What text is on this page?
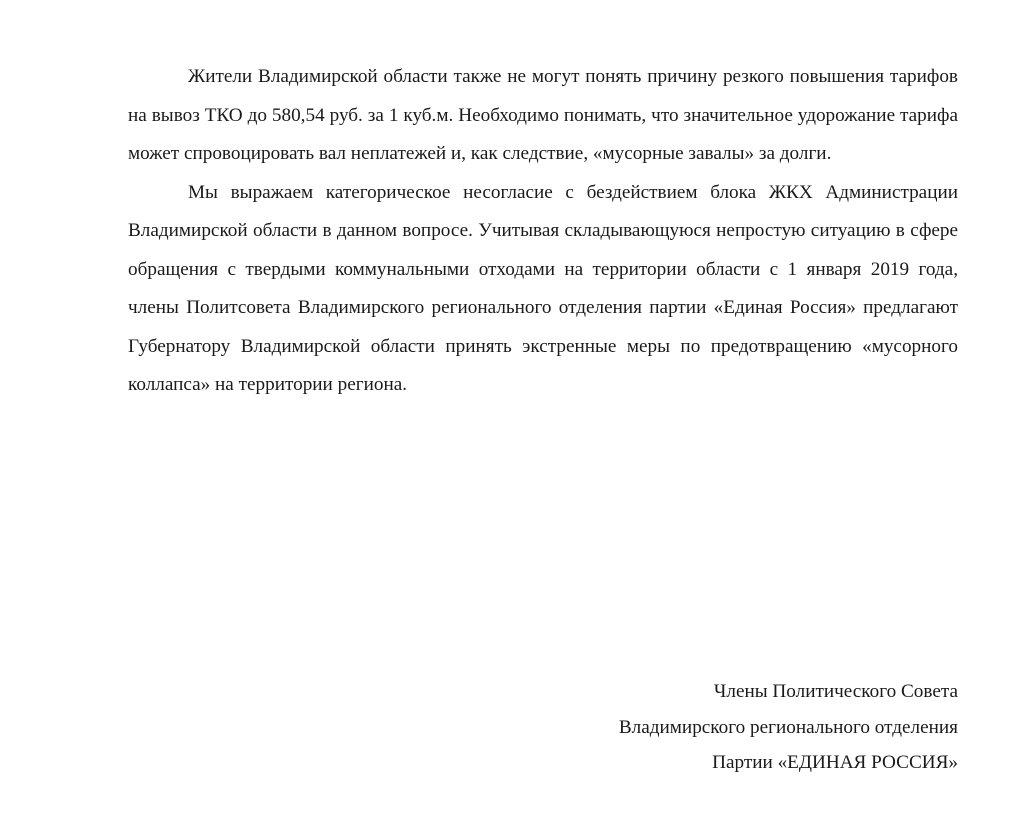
Жители Владимирской области также не могут понять причину резкого повышения тарифов на вывоз ТКО до 580,54 руб. за 1 куб.м. Необходимо понимать, что значительное удорожание тарифа может спровоцировать вал неплатежей и, как следствие, «мусорные завалы» за долги.

Мы выражаем категорическое несогласие с бездействием блока ЖКХ Администрации Владимирской области в данном вопросе. Учитывая складывающуюся непростую ситуацию в сфере обращения с твердыми коммунальными отходами на территории области с 1 января 2019 года, члены Политсовета Владимирского регионального отделения партии «Единая Россия» предлагают Губернатору Владимирской области принять экстренные меры по предотвращению «мусорного коллапса» на территории региона.

Члены Политического Совета
Владимирского регионального отделения
Партии «ЕДИНАЯ РОССИЯ»
